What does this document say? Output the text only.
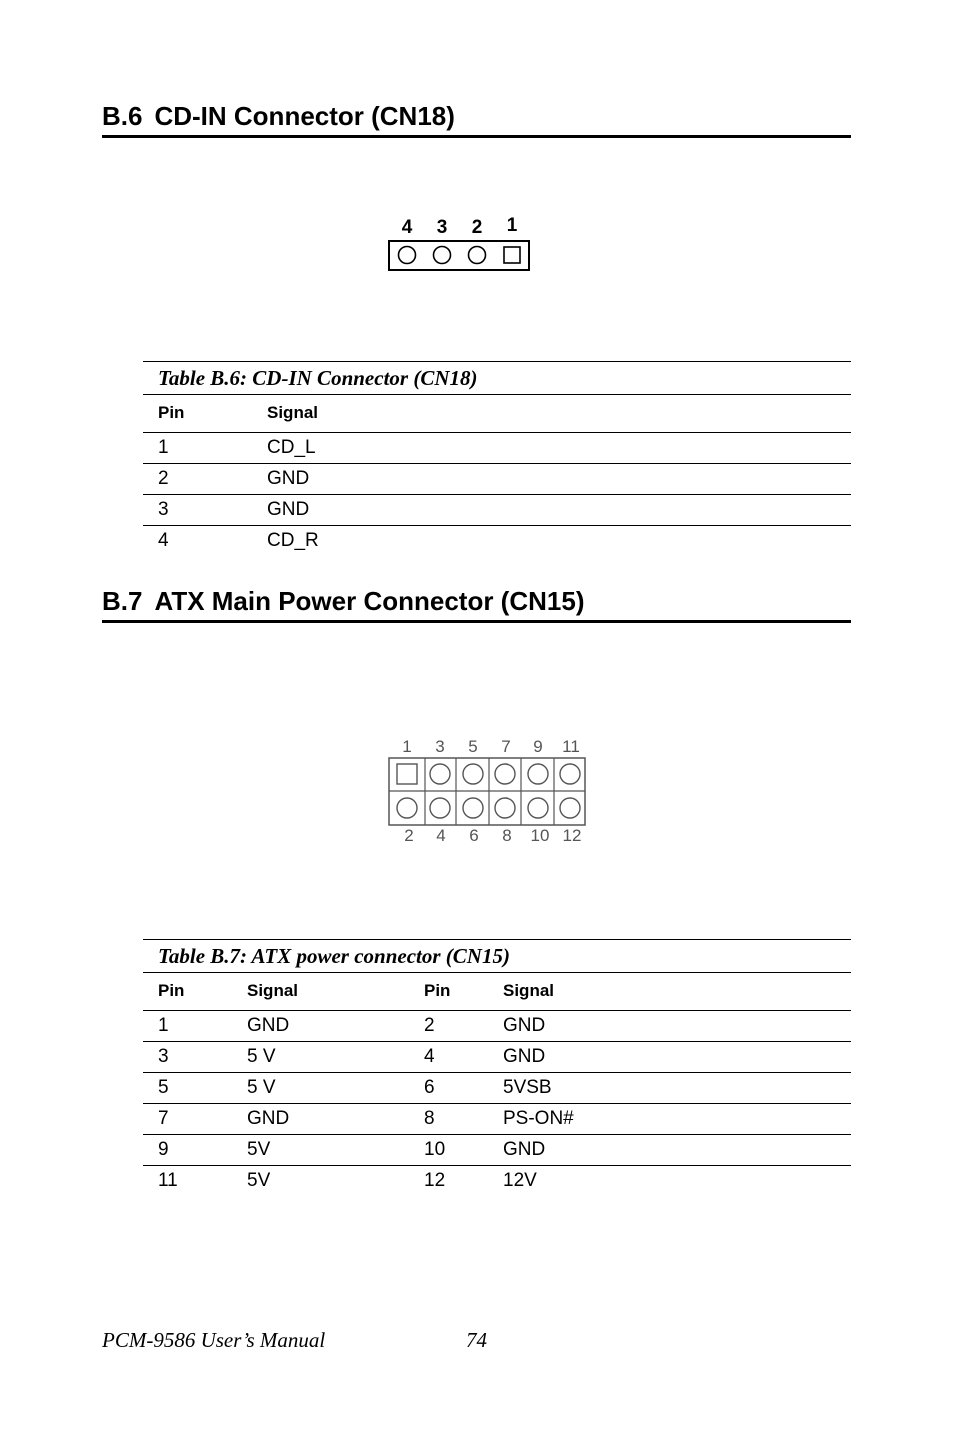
B.6 CD-IN Connector (CN18)
4 3 2 1
Table B.6: CD-IN Connector (CN18)
Pin	Signal
1	CD_L
2	GND
3	GND
4	CD_R
B.7 ATX Main Power Connector (CN15)
1 3 5 7 9 11
2 4 6 8 10 12
Table B.7: ATX power connector (CN15)
Pin	Signal	Pin	Signal
1	GND	2	GND
3	5 V	4	GND
5	5 V	6	5VSB
7	GND	8	PS-ON#
9	5V	10	GND
11	5V	12	12V
PCM-9586 User’s Manual	74
